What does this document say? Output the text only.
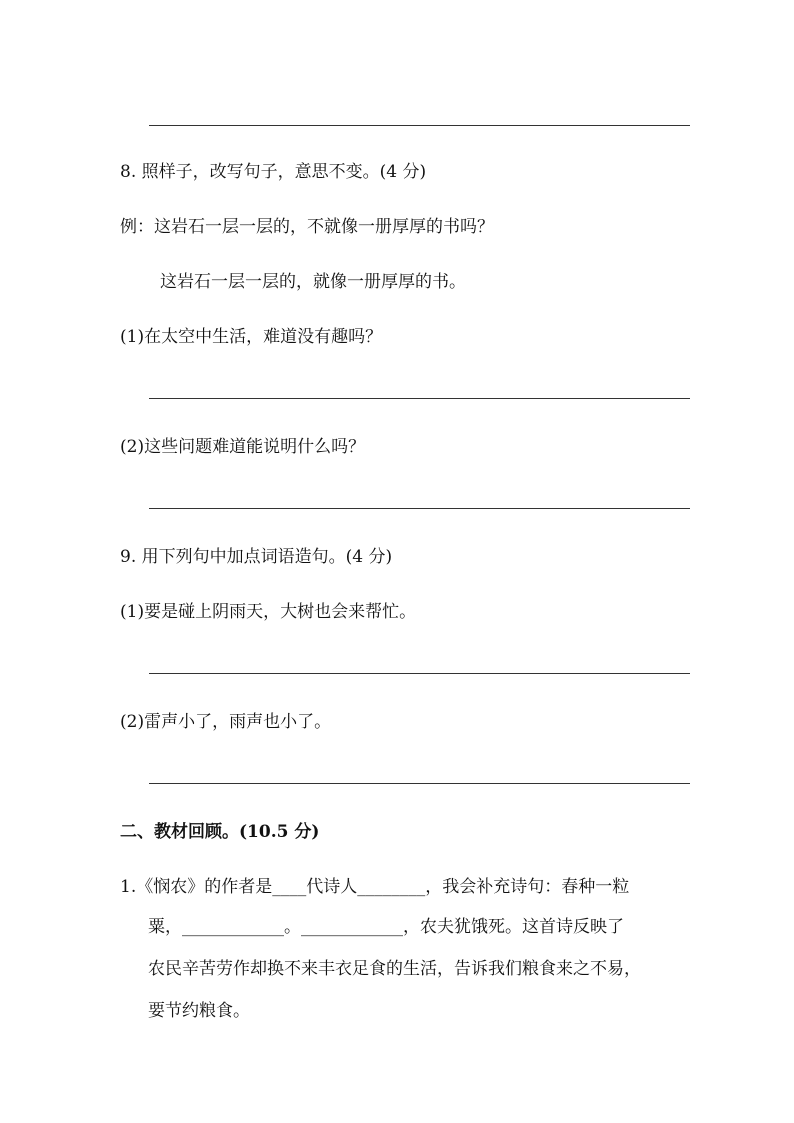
8. 照样子，改写句子，意思不变。(4 分)
例：这岩石一层一层的，不就像一册厚厚的书吗？
这岩石一层一层的，就像一册厚厚的书。
(1)在太空中生活，难道没有趣吗？
(2)这些问题难道能说明什么吗？
9. 用下列句中加点词语造句。(4 分)
(1)要是碰上阴雨天，大树也会来帮忙。
(2)雷声小了，雨声也小了。
二、教材回顾。(10.5 分)
1.《悯农》的作者是____代诗人________，我会补充诗句：春种一粒
粟，____________。____________，农夫犹饿死。这首诗反映了
农民辛苦劳作却换不来丰衣足食的生活，告诉我们粮食来之不易，
要节约粮食。
